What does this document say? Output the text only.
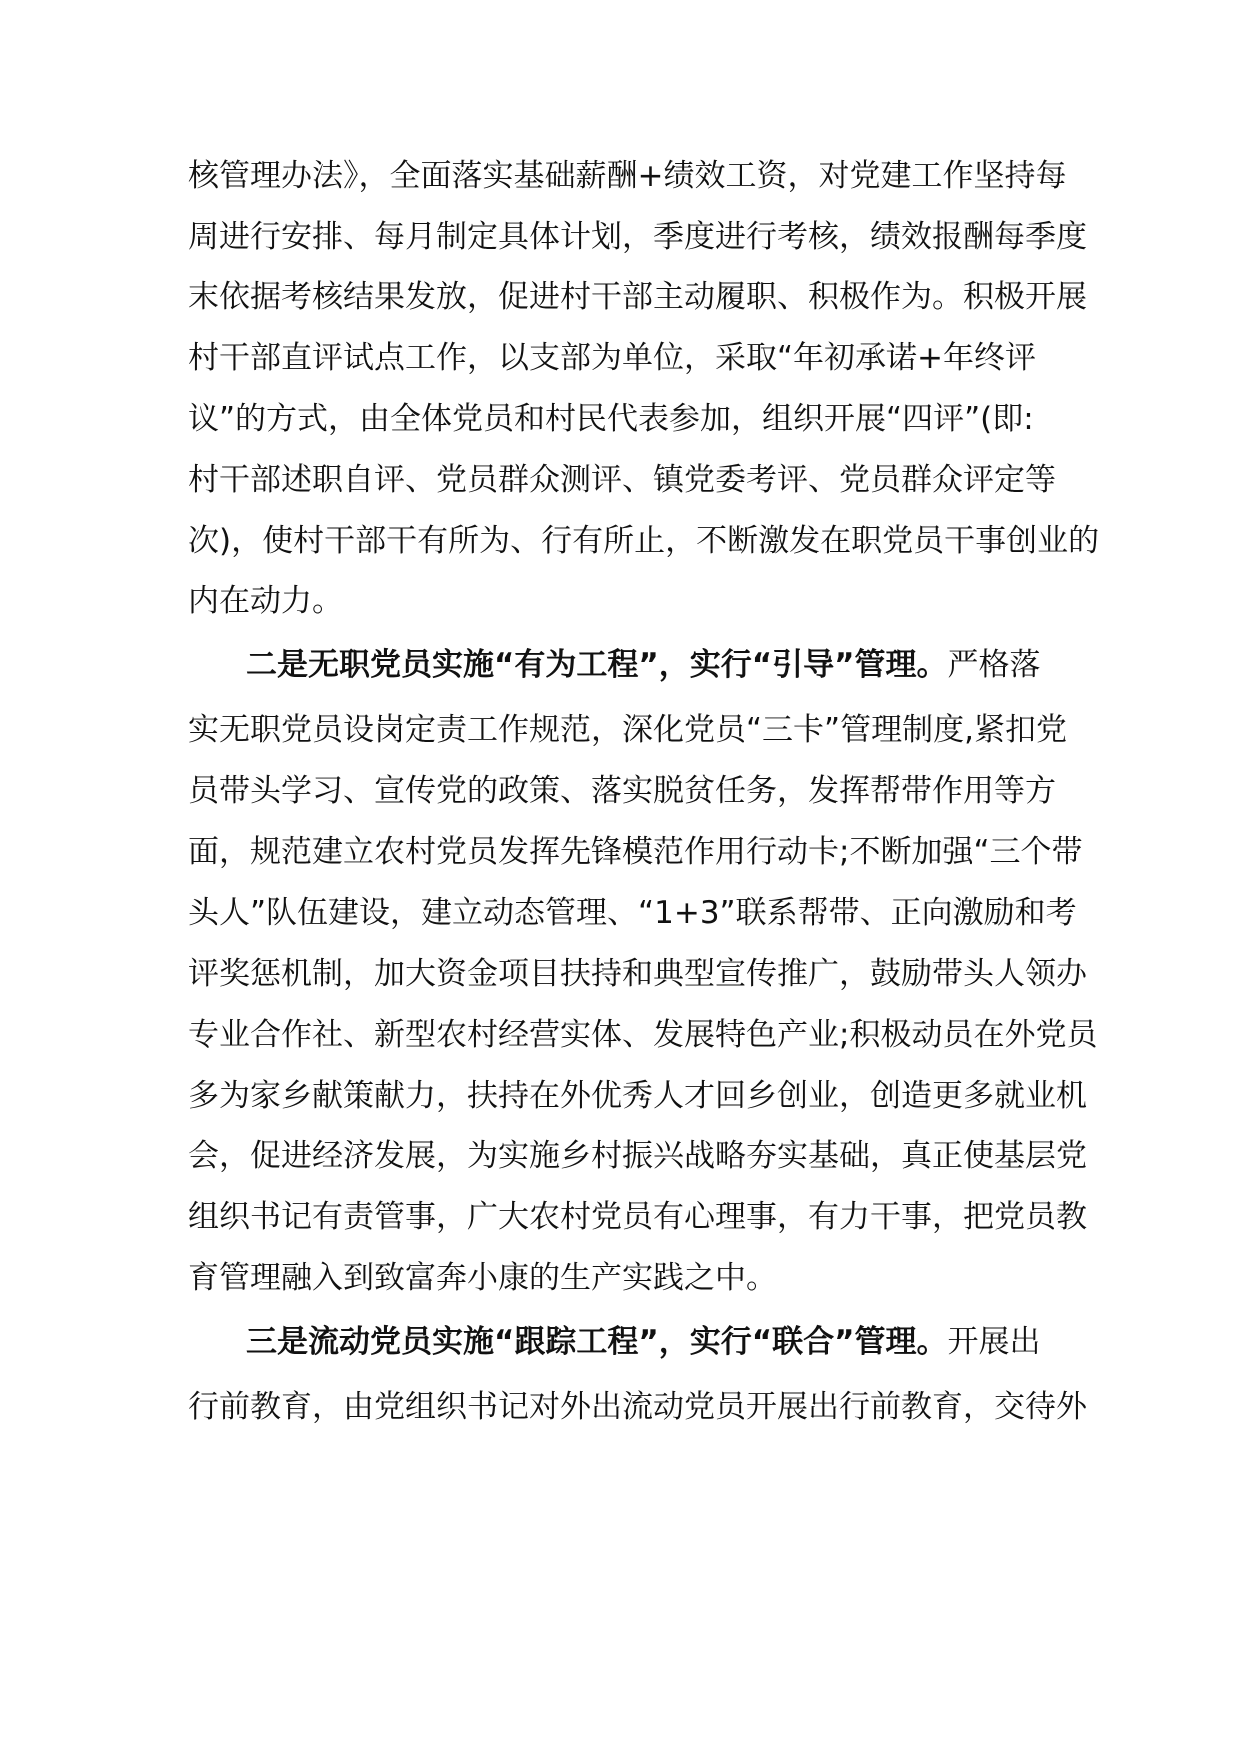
核管理办法》，全面落实基础薪酬+绩效工资，对党建工作坚持每
周进行安排、每月制定具体计划，季度进行考核，绩效报酬每季度
末依据考核结果发放，促进村干部主动履职、积极作为。积极开展
村干部直评试点工作，以支部为单位，采取“年初承诺+年终评
议”的方式，由全体党员和村民代表参加，组织开展“四评”(即:
村干部述职自评、党员群众测评、镇党委考评、党员群众评定等
次)，使村干部干有所为、行有所止，不断激发在职党员干事创业的
内在动力。
二是无职党员实施“有为工程”，实行“引导”管理。严格落
实无职党员设岗定责工作规范，深化党员“三卡”管理制度,紧扣党
员带头学习、宣传党的政策、落实脱贫任务，发挥帮带作用等方
面，规范建立农村党员发挥先锋模范作用行动卡;不断加强“三个带
头人”队伍建设，建立动态管理、“1+3”联系帮带、正向激励和考
评奖惩机制，加大资金项目扶持和典型宣传推广，鼓励带头人领办
专业合作社、新型农村经营实体、发展特色产业;积极动员在外党员
多为家乡献策献力，扶持在外优秀人才回乡创业，创造更多就业机
会，促进经济发展，为实施乡村振兴战略夯实基础，真正使基层党
组织书记有责管事，广大农村党员有心理事，有力干事，把党员教
育管理融入到致富奔小康的生产实践之中。
三是流动党员实施“跟踪工程”，实行“联合”管理。开展出
行前教育，由党组织书记对外出流动党员开展出行前教育，交待外
